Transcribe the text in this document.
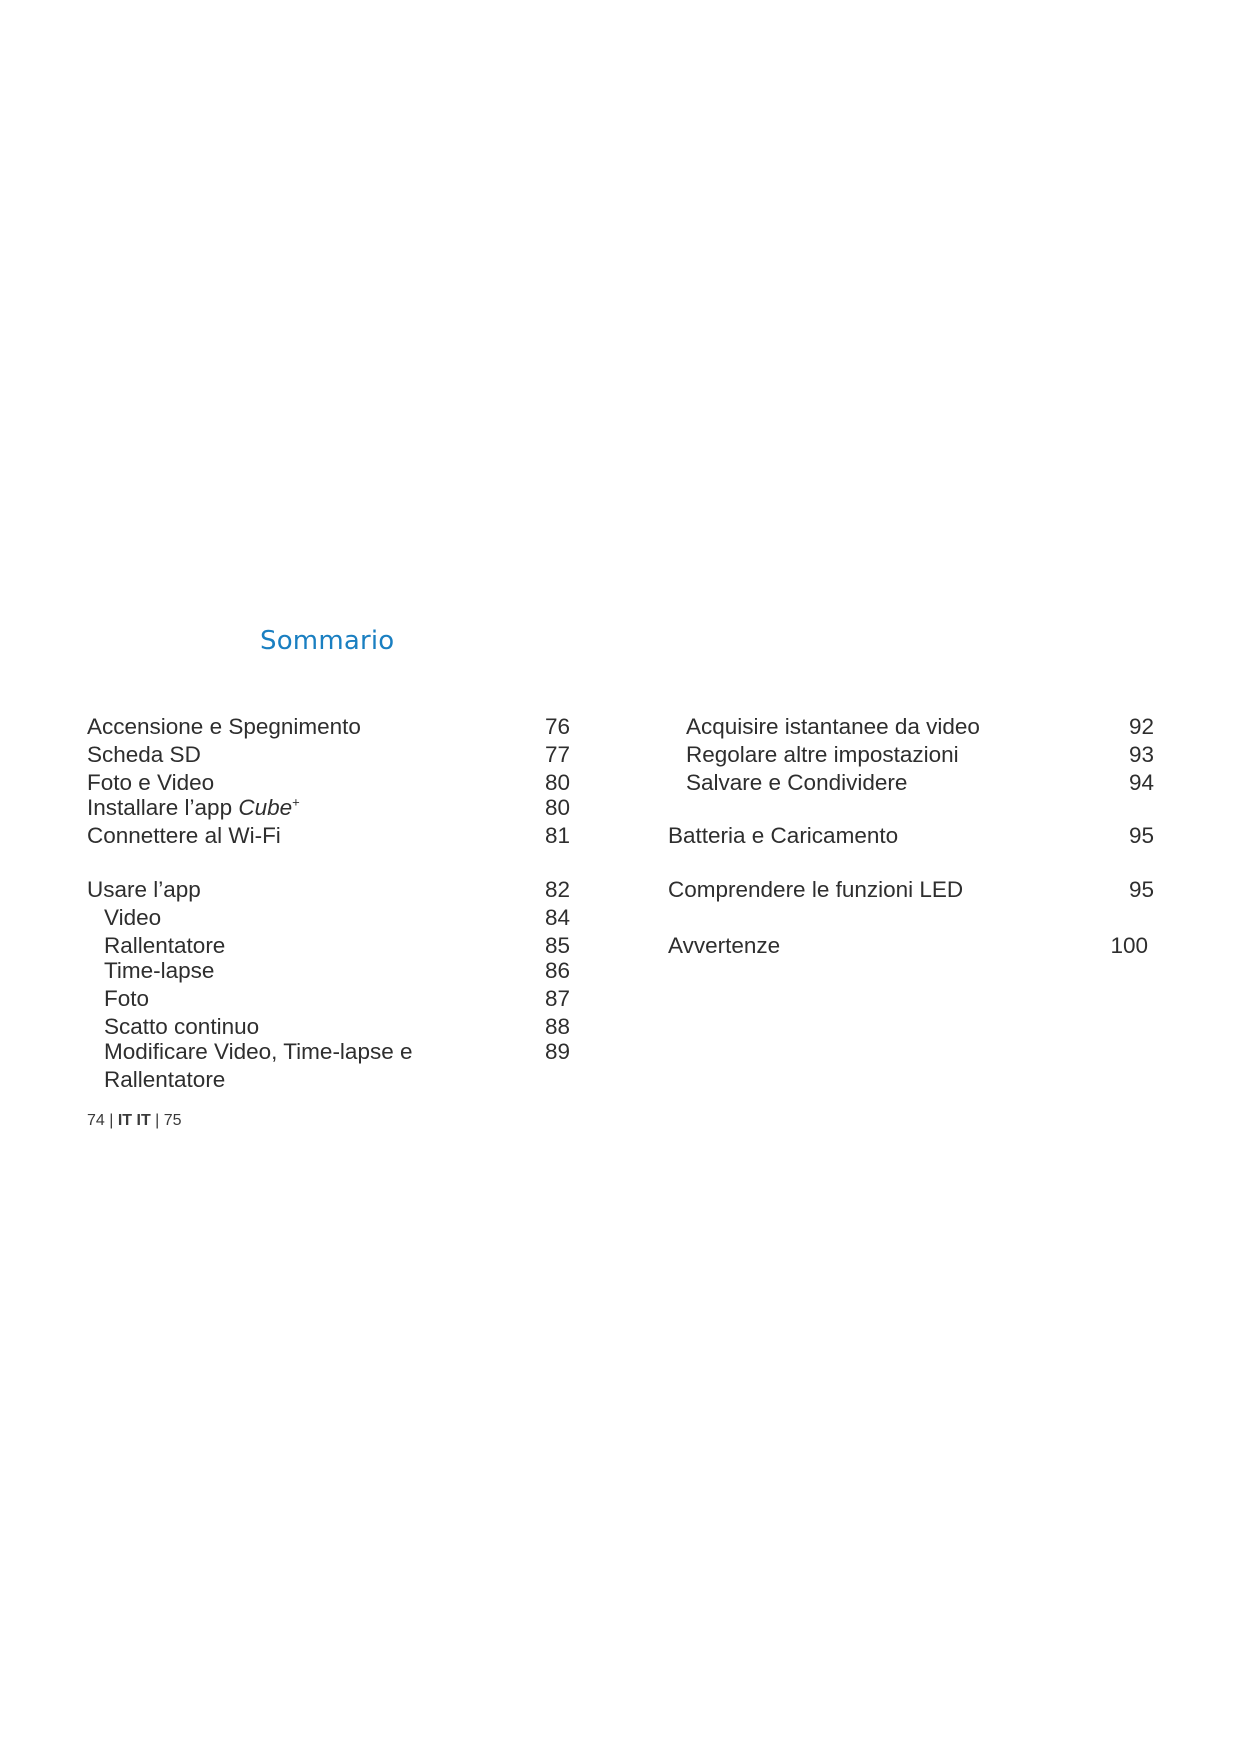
Sommario
Accensione e Spegnimento	76
Scheda SD	77
Foto e Video	80
Installare l’app Cube+	80
Connettere al Wi-Fi	81
Usare l’app	82
Video	84
Rallentatore	85
Time-lapse	86
Foto	87
Scatto continuo	88
Modificare Video, Time-lapse e	89
Rallentatore
Acquisire istantanee da video	92
Regolare altre impostazioni	93
Salvare e Condividere	94
Batteria e Caricamento	95
Comprendere le funzioni LED	95
Avvertenze	100
74 | IT IT | 75
